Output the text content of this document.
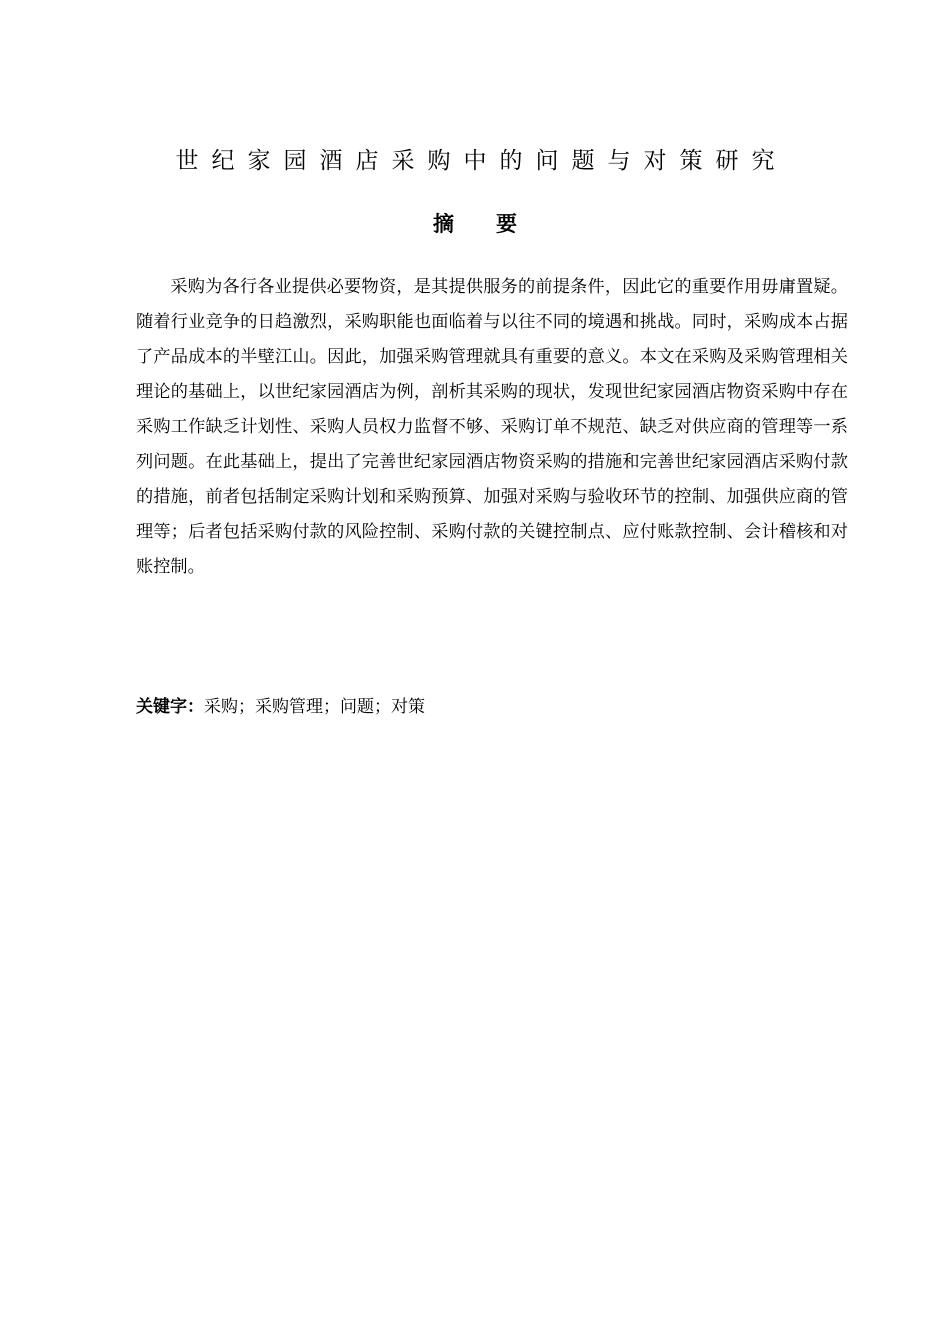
世纪家园酒店采购中的问题与对策研究
摘 要

采购为各行各业提供必要物资，是其提供服务的前提条件，因此它的重要作用毋庸置疑。随着行业竞争的日趋激烈，采购职能也面临着与以往不同的境遇和挑战。同时，采购成本占据了产品成本的半壁江山。因此，加强采购管理就具有重要的意义。本文在采购及采购管理相关理论的基础上，以世纪家园酒店为例，剖析其采购的现状，发现世纪家园酒店物资采购中存在采购工作缺乏计划性、采购人员权力监督不够、采购订单不规范、缺乏对供应商的管理等一系列问题。在此基础上，提出了完善世纪家园酒店物资采购的措施和完善世纪家园酒店采购付款的措施，前者包括制定采购计划和采购预算、加强对采购与验收环节的控制、加强供应商的管理等；后者包括采购付款的风险控制、采购付款的关键控制点、应付账款控制、会计稽核和对账控制。

关键字：采购；采购管理；问题；对策
